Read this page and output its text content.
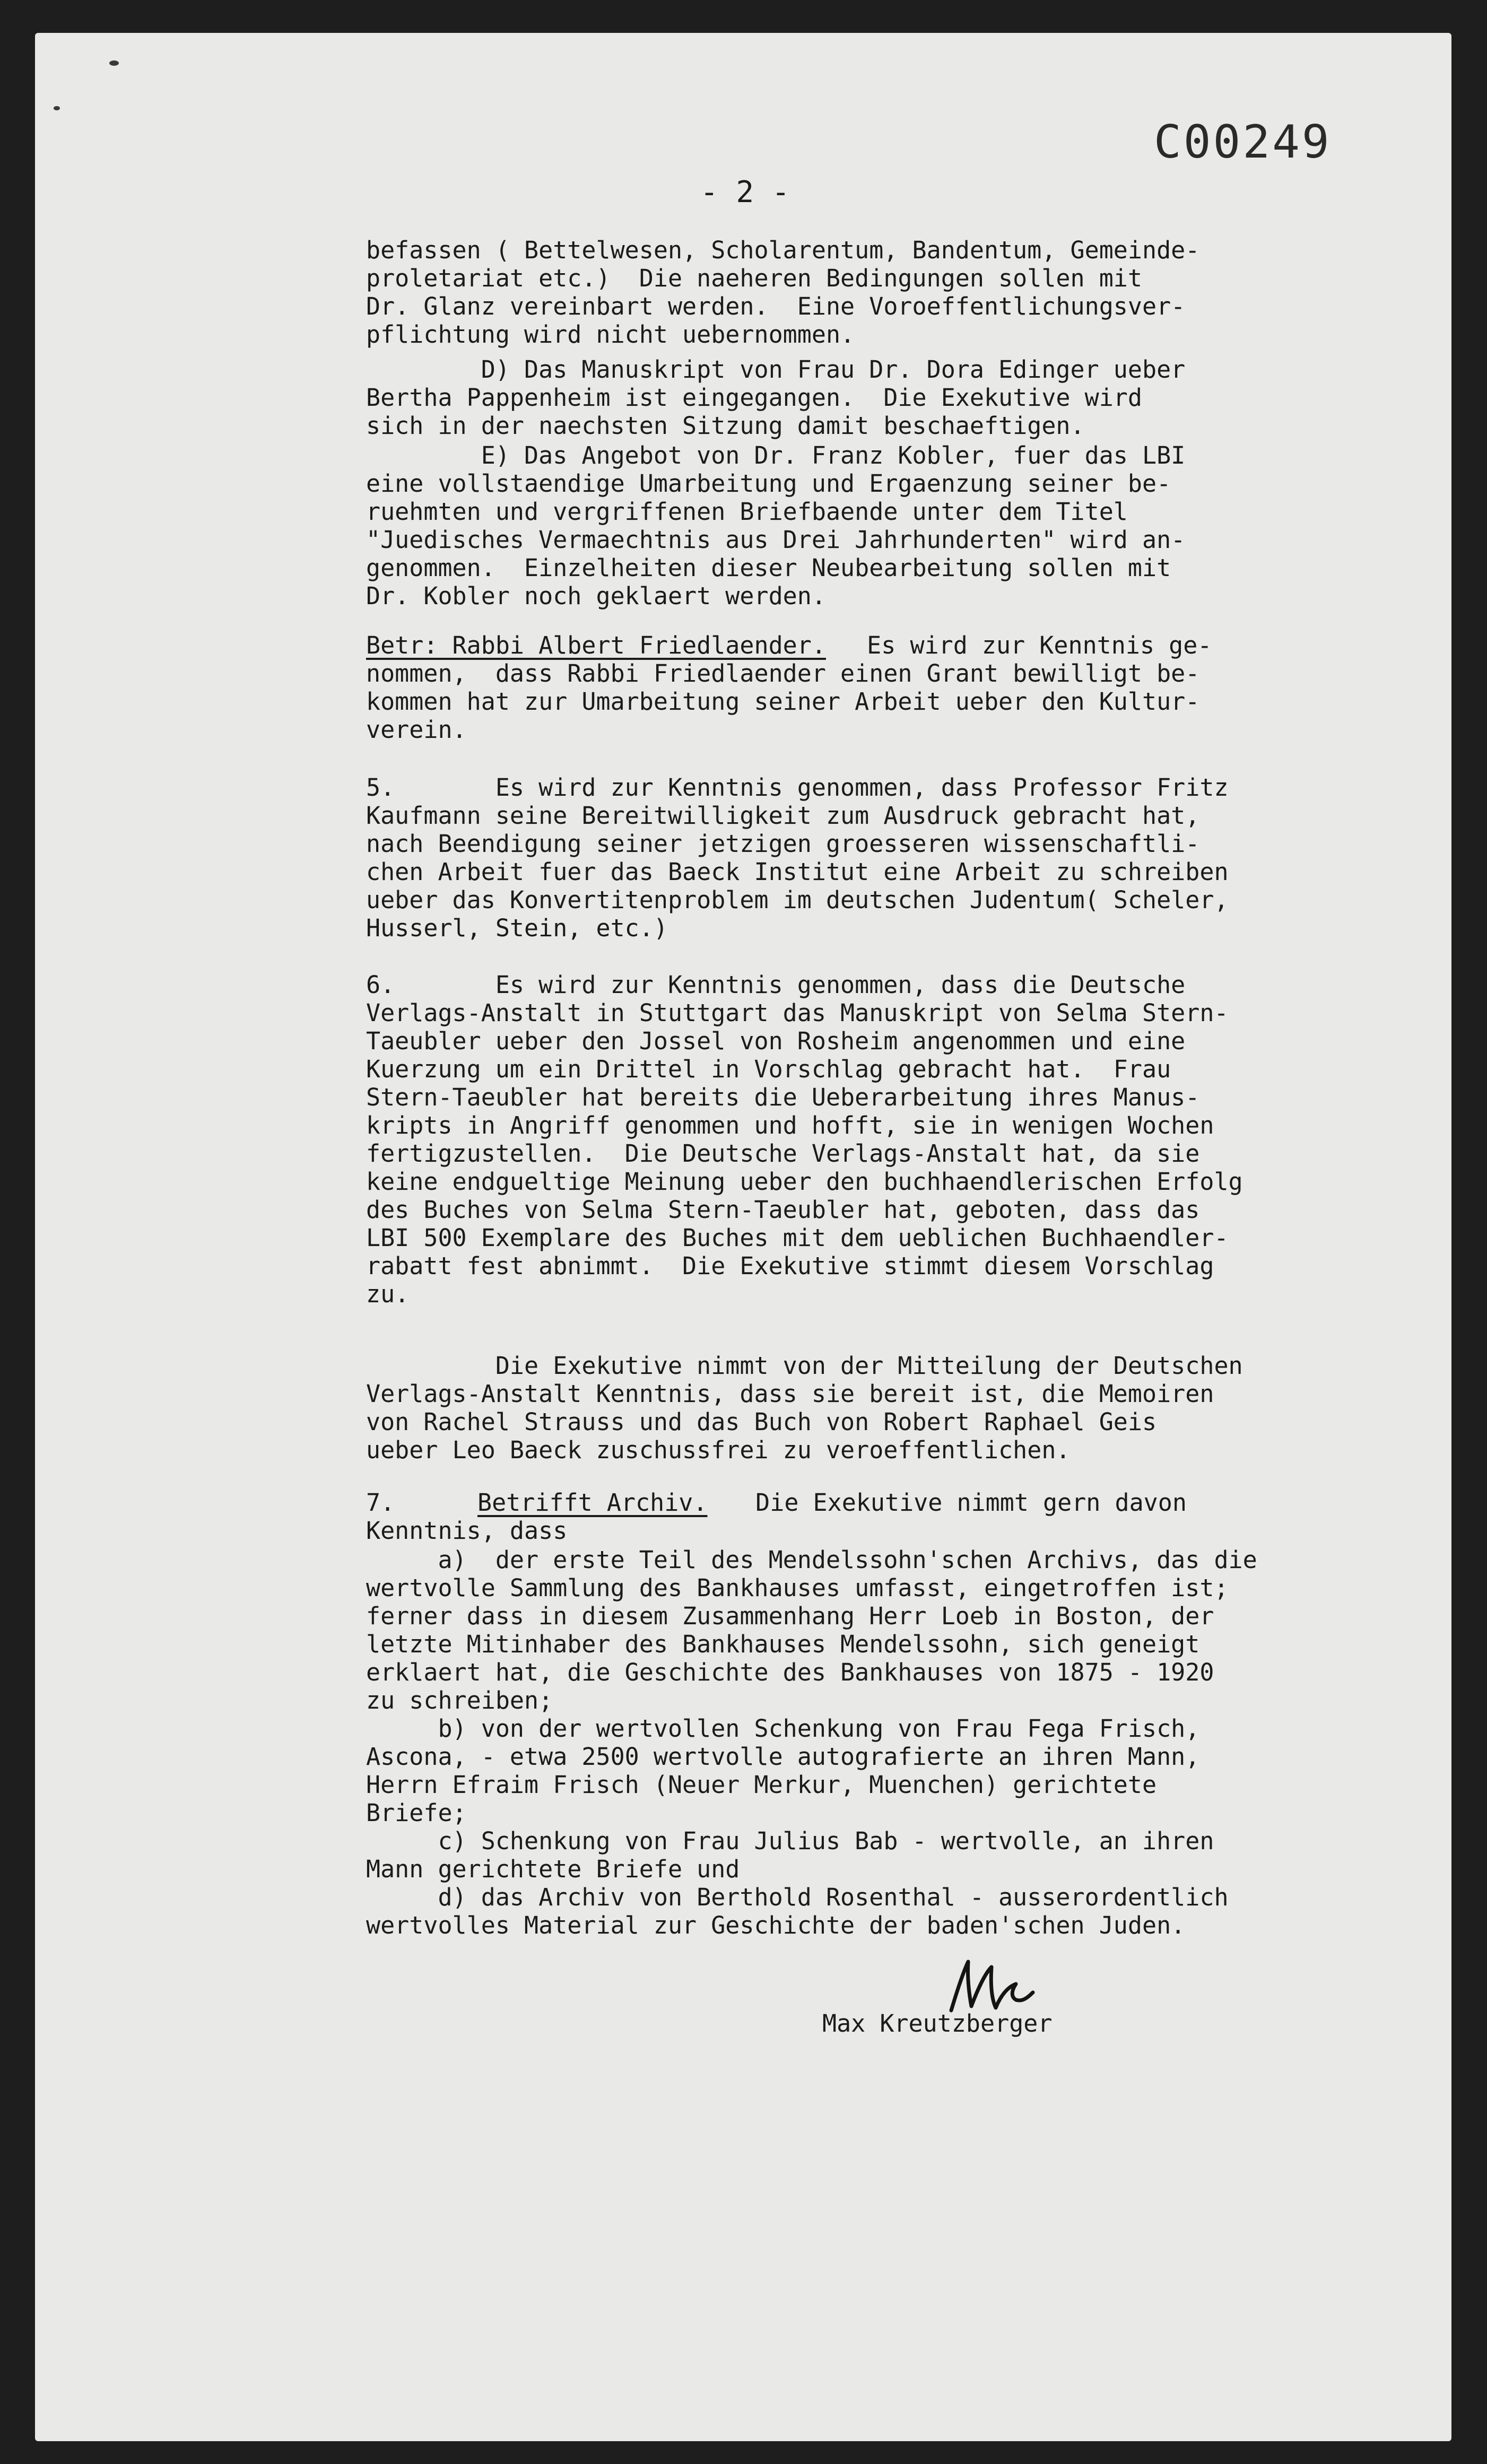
C00249
- 2 -
befassen ( Bettelwesen, Scholarentum, Bandentum, Gemeinde-
proletariat etc.)  Die naeheren Bedingungen sollen mit
Dr. Glanz vereinbart werden.  Eine Voroeffentlichungsver-
pflichtung wird nicht uebernommen.
D) Das Manuskript von Frau Dr. Dora Edinger ueber
Bertha Pappenheim ist eingegangen.  Die Exekutive wird
sich in der naechsten Sitzung damit beschaeftigen.
E) Das Angebot von Dr. Franz Kobler, fuer das LBI
eine vollstaendige Umarbeitung und Ergaenzung seiner be-
ruehmten und vergriffenen Briefbaende unter dem Titel
"Juedisches Vermaechtnis aus Drei Jahrhunderten" wird an-
genommen.  Einzelheiten dieser Neubearbeitung sollen mit
Dr. Kobler noch geklaert werden.
Betr: Rabbi Albert Friedlaender. Es wird zur Kenntnis ge-
nommen,  dass Rabbi Friedlaender einen Grant bewilligt be-
kommen hat zur Umarbeitung seiner Arbeit ueber den Kultur-
verein.
5.       Es wird zur Kenntnis genommen, dass Professor Fritz
Kaufmann seine Bereitwilligkeit zum Ausdruck gebracht hat,
nach Beendigung seiner jetzigen groesseren wissenschaftli-
chen Arbeit fuer das Baeck Institut eine Arbeit zu schreiben
ueber das Konvertitenproblem im deutschen Judentum( Scheler,
Husserl, Stein, etc.)
6.       Es wird zur Kenntnis genommen, dass die Deutsche
Verlags-Anstalt in Stuttgart das Manuskript von Selma Stern-
Taeubler ueber den Jossel von Rosheim angenommen und eine
Kuerzung um ein Drittel in Vorschlag gebracht hat.  Frau
Stern-Taeubler hat bereits die Ueberarbeitung ihres Manus-
kripts in Angriff genommen und hofft, sie in wenigen Wochen
fertigzustellen.  Die Deutsche Verlags-Anstalt hat, da sie
keine endgueltige Meinung ueber den buchhaendlerischen Erfolg
des Buches von Selma Stern-Taeubler hat, geboten, dass das
LBI 500 Exemplare des Buches mit dem ueblichen Buchhaendler-
rabatt fest abnimmt.  Die Exekutive stimmt diesem Vorschlag
zu.
Die Exekutive nimmt von der Mitteilung der Deutschen
Verlags-Anstalt Kenntnis, dass sie bereit ist, die Memoiren
von Rachel Strauss und das Buch von Robert Raphael Geis
ueber Leo Baeck zuschussfrei zu veroeffentlichen.
7.
Betrifft Archiv. Die Exekutive nimmt gern davon
Kenntnis, dass
a)  der erste Teil des Mendelssohn'schen Archivs, das die
wertvolle Sammlung des Bankhauses umfasst, eingetroffen ist;
ferner dass in diesem Zusammenhang Herr Loeb in Boston, der
letzte Mitinhaber des Bankhauses Mendelssohn, sich geneigt
erklaert hat, die Geschichte des Bankhauses von 1875 - 1920
zu schreiben;
b) von der wertvollen Schenkung von Frau Fega Frisch,
Ascona, - etwa 2500 wertvolle autografierte an ihren Mann,
Herrn Efraim Frisch (Neuer Merkur, Muenchen) gerichtete
Briefe;
c) Schenkung von Frau Julius Bab - wertvolle, an ihren
Mann gerichtete Briefe und
d) das Archiv von Berthold Rosenthal - ausserordentlich
wertvolles Material zur Geschichte der baden'schen Juden.
Max Kreutzberger
